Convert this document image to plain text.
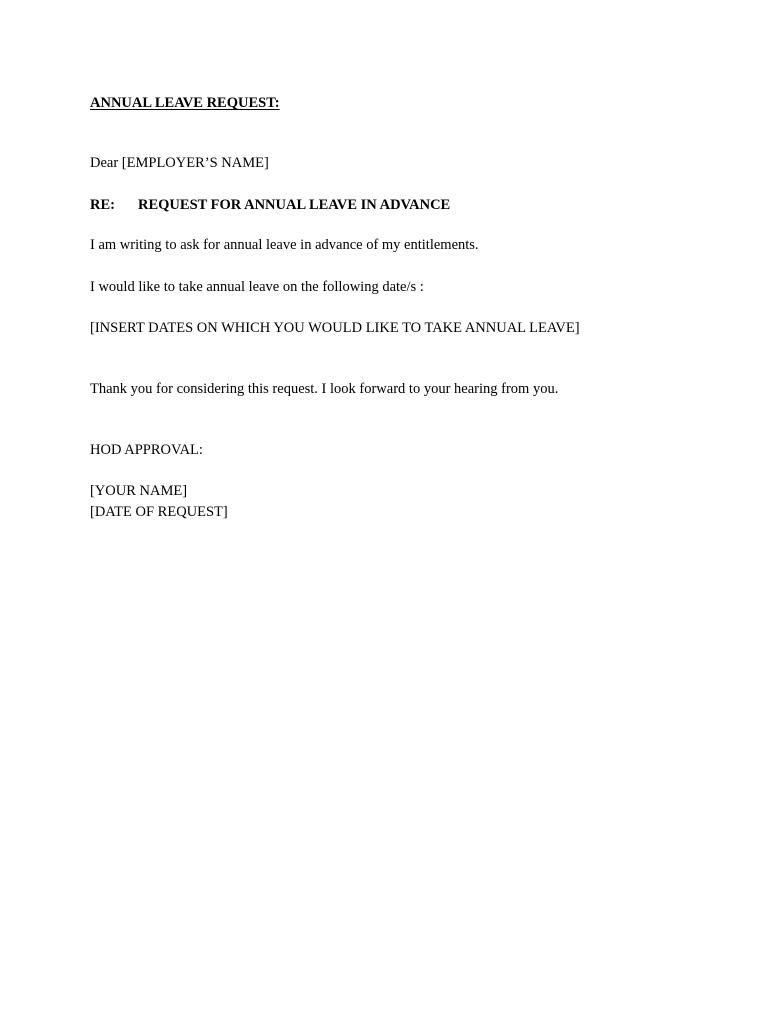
ANNUAL LEAVE REQUEST:
Dear [EMPLOYER’S NAME]
RE: REQUEST FOR ANNUAL LEAVE IN ADVANCE
I am writing to ask for annual leave in advance of my entitlements.
I would like to take annual leave on the following date/s :
[INSERT DATES ON WHICH YOU WOULD LIKE TO TAKE ANNUAL LEAVE]
Thank you for considering this request. I look forward to your hearing from you.
HOD APPROVAL:
[YOUR NAME]
[DATE OF REQUEST]
